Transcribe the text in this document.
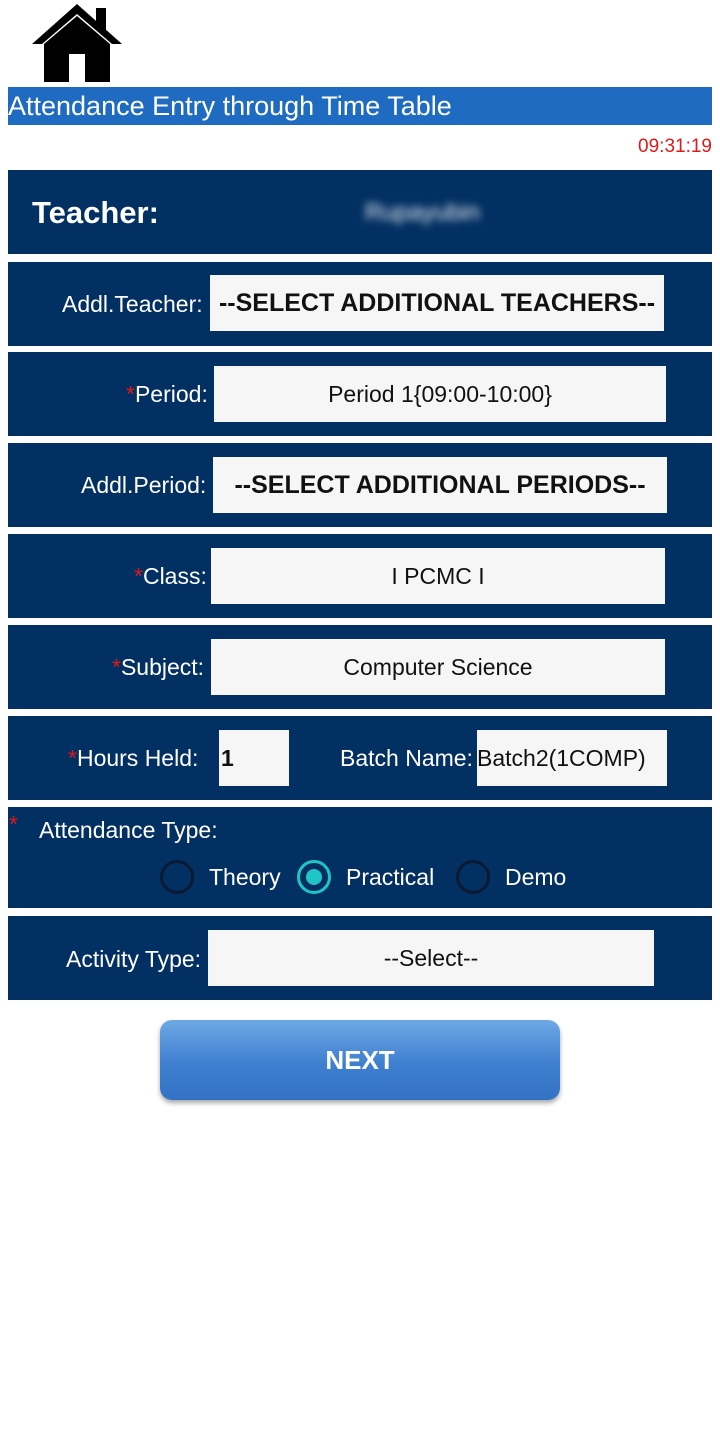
Attendance Entry through Time Table
09:31:19
Teacher:	Rupayubin
Addl.Teacher: --SELECT ADDITIONAL TEACHERS--
*Period:	Period 1{09:00-10:00}
Addl.Period:	--SELECT ADDITIONAL PERIODS--
*Class:	I PCMC I
*Subject:	Computer Science
*Hours Held: 1	Batch Name: Batch2(1COMP)
* Attendance Type:
Theory	Practical	Demo
Activity Type:	--Select--
NEXT
